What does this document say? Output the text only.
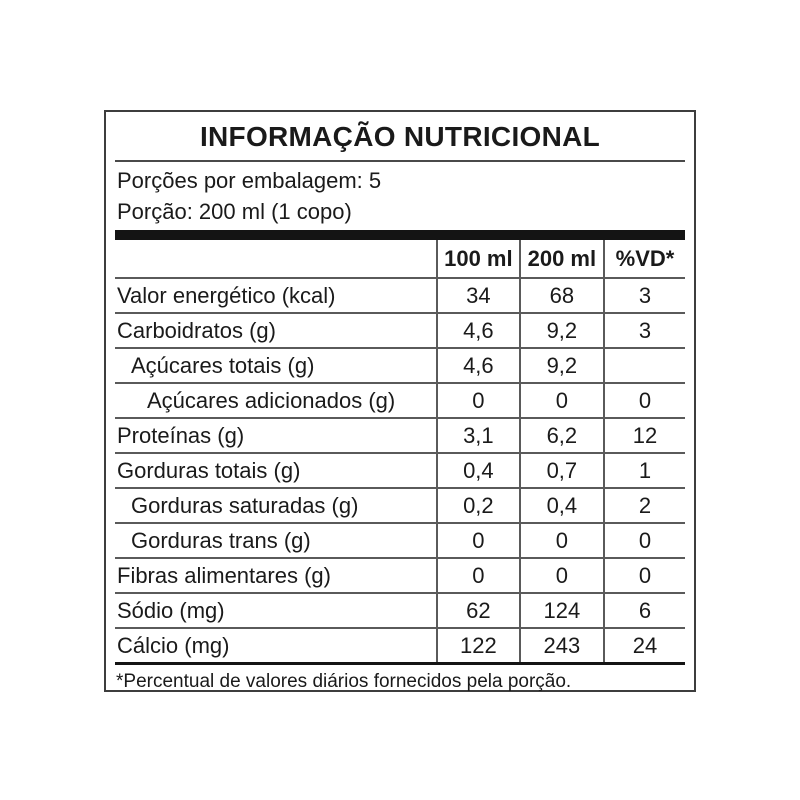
INFORMAÇÃO NUTRICIONAL

Porções por embalagem: 5

Porção: 200 ml (1 copo)

	100 ml	200 ml	%VD*
Valor energético (kcal)	34	68	3
Carboidratos (g)	4,6	9,2	3
Açúcares totais (g)	4,6	9,2	
Açúcares adicionados (g)	0	0	0
Proteínas (g)	3,1	6,2	12
Gorduras totais (g)	0,4	0,7	1
Gorduras saturadas (g)	0,2	0,4	2
Gorduras trans (g)	0	0	0
Fibras alimentares (g)	0	0	0
Sódio (mg)	62	124	6
Cálcio (mg)	122	243	24
*Percentual de valores diários fornecidos pela porção.
